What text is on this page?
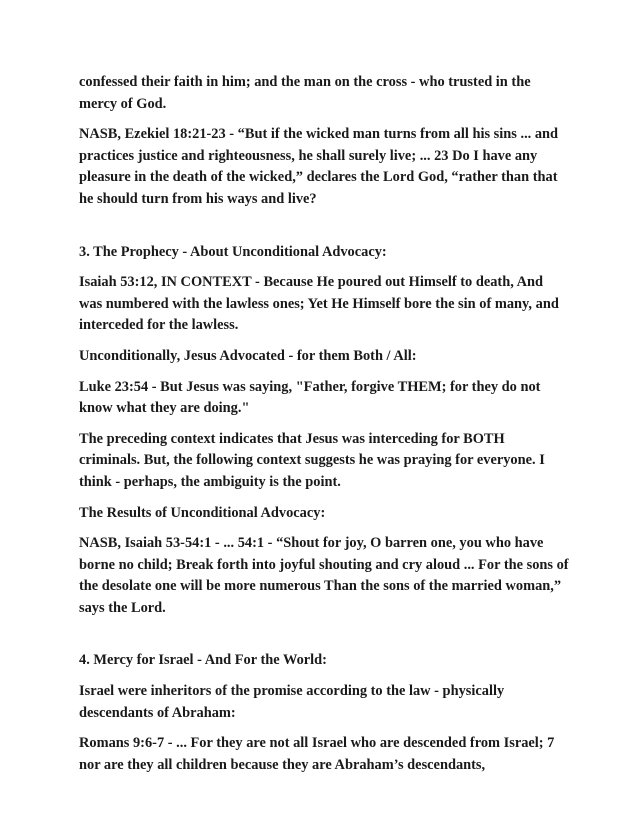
confessed their faith in him; and the man on the cross - who trusted in the mercy of God.

NASB, Ezekiel 18:21-23 - “But if the wicked man turns from all his sins ... and practices justice and righteousness, he shall surely live; ... 23 Do I have any pleasure in the death of the wicked,” declares the Lord God, “rather than that he should turn from his ways and live?

3. The Prophecy - About Unconditional Advocacy:

Isaiah 53:12, IN CONTEXT - Because He poured out Himself to death, And was numbered with the lawless ones; Yet He Himself bore the sin of many, and interceded for the lawless.

Unconditionally, Jesus Advocated - for them Both / All:

Luke 23:54 - But Jesus was saying, "Father, forgive THEM; for they do not know what they are doing."

The preceding context indicates that Jesus was interceding for BOTH criminals. But, the following context suggests he was praying for everyone. I think - perhaps, the ambiguity is the point.

The Results of Unconditional Advocacy:

NASB, Isaiah 53-54:1 - ... 54:1 - “Shout for joy, O barren one, you who have borne no child; Break forth into joyful shouting and cry aloud ... For the sons of the desolate one will be more numerous Than the sons of the married woman,” says the Lord.

4. Mercy for Israel - And For the World:

Israel were inheritors of the promise according to the law - physically descendants of Abraham:

Romans 9:6-7 - ... For they are not all Israel who are descended from Israel; 7 nor are they all children because they are Abraham’s descendants,
